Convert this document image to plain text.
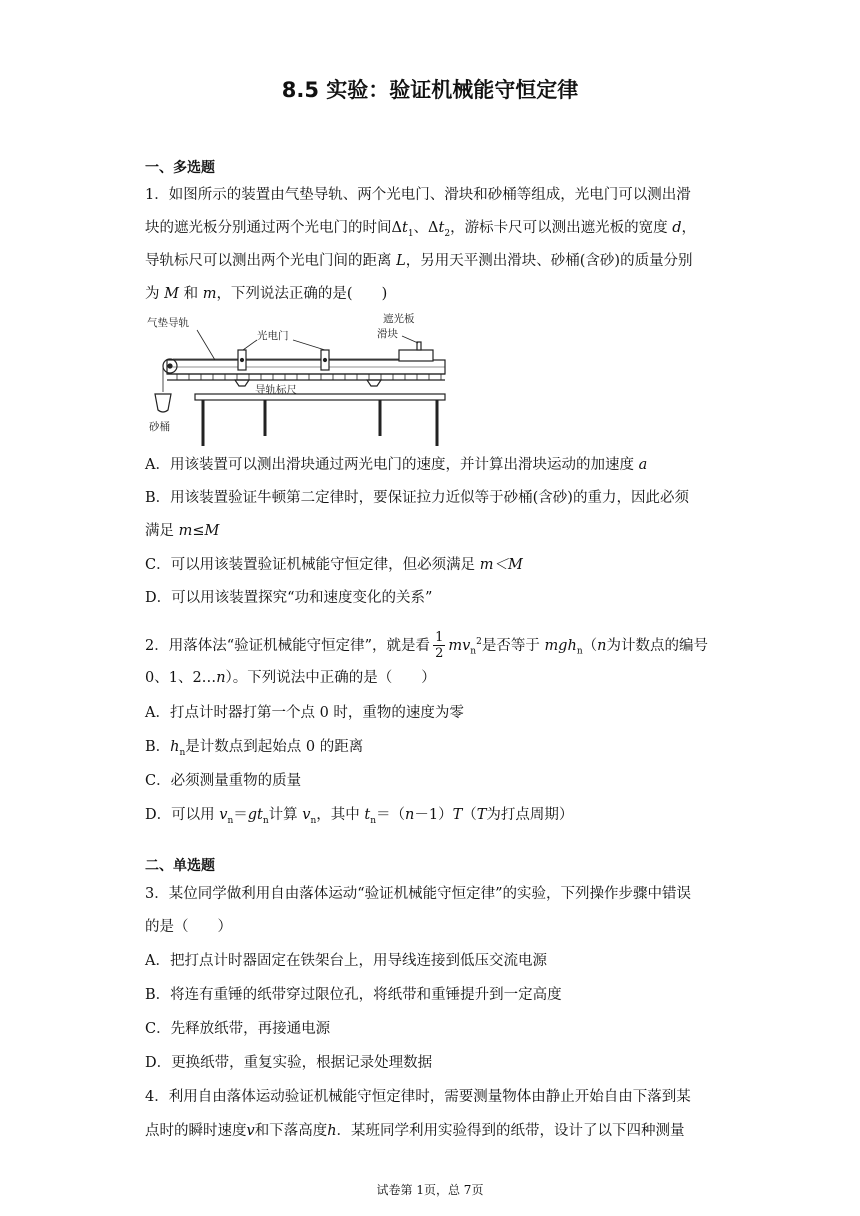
8.5 实验：验证机械能守恒定律
一、多选题
1．如图所示的装置由气垫导轨、两个光电门、滑块和砂桶等组成，光电门可以测出滑
块的遮光板分别通过两个光电门的时间$\Delta t_1$、$\Delta t_2$，游标卡尺可以测出遮光板的宽度 d，
导轨标尺可以测出两个光电门间的距离 L，另用天平测出滑块、砂桶(含砂)的质量分别
为 M 和 m，下列说法正确的是(　　)
气垫导轨
光电门
遮光板
滑块
导轨标尺
砂桶
A．用该装置可以测出滑块通过两光电门的速度，并计算出滑块运动的加速度 a
B．用该装置验证牛顿第二定律时，要保证拉力近似等于砂桶(含砂)的重力，因此必须
满足 m≤M
C．可以用该装置验证机械能守恒定律，但必须满足 m＜M
D．可以用该装置探究“功和速度变化的关系”
2．用落体法“验证机械能守恒定律”，就是看 $\frac{1}{2} mv_n^2$是否等于 mgh$_n$（n为计数点的编号
0、1、2…n）。下列说法中正确的是（　　）
A．打点计时器打第一个点 0 时，重物的速度为零
B．$h_n$是计数点到起始点 0 的距离
C．必须测量重物的质量
D．可以用 $v_n=gt_n$计算 $v_n$，其中 $t_n=(n-1)T(T$为打点周期）
二、单选题
3．某位同学做利用自由落体运动“验证机械能守恒定律”的实验，下列操作步骤中错误
的是（　　）
A．把打点计时器固定在铁架台上，用导线连接到低压交流电源
B．将连有重锤的纸带穿过限位孔，将纸带和重锤提升到一定高度
C．先释放纸带，再接通电源
D．更换纸带，重复实验，根据记录处理数据
4．利用自由落体运动验证机械能守恒定律时，需要测量物体由静止开始自由下落到某
点时的瞬时速度v和下落高度h．某班同学利用实验得到的纸带，设计了以下四种测量
试卷第 1页，总 7页
